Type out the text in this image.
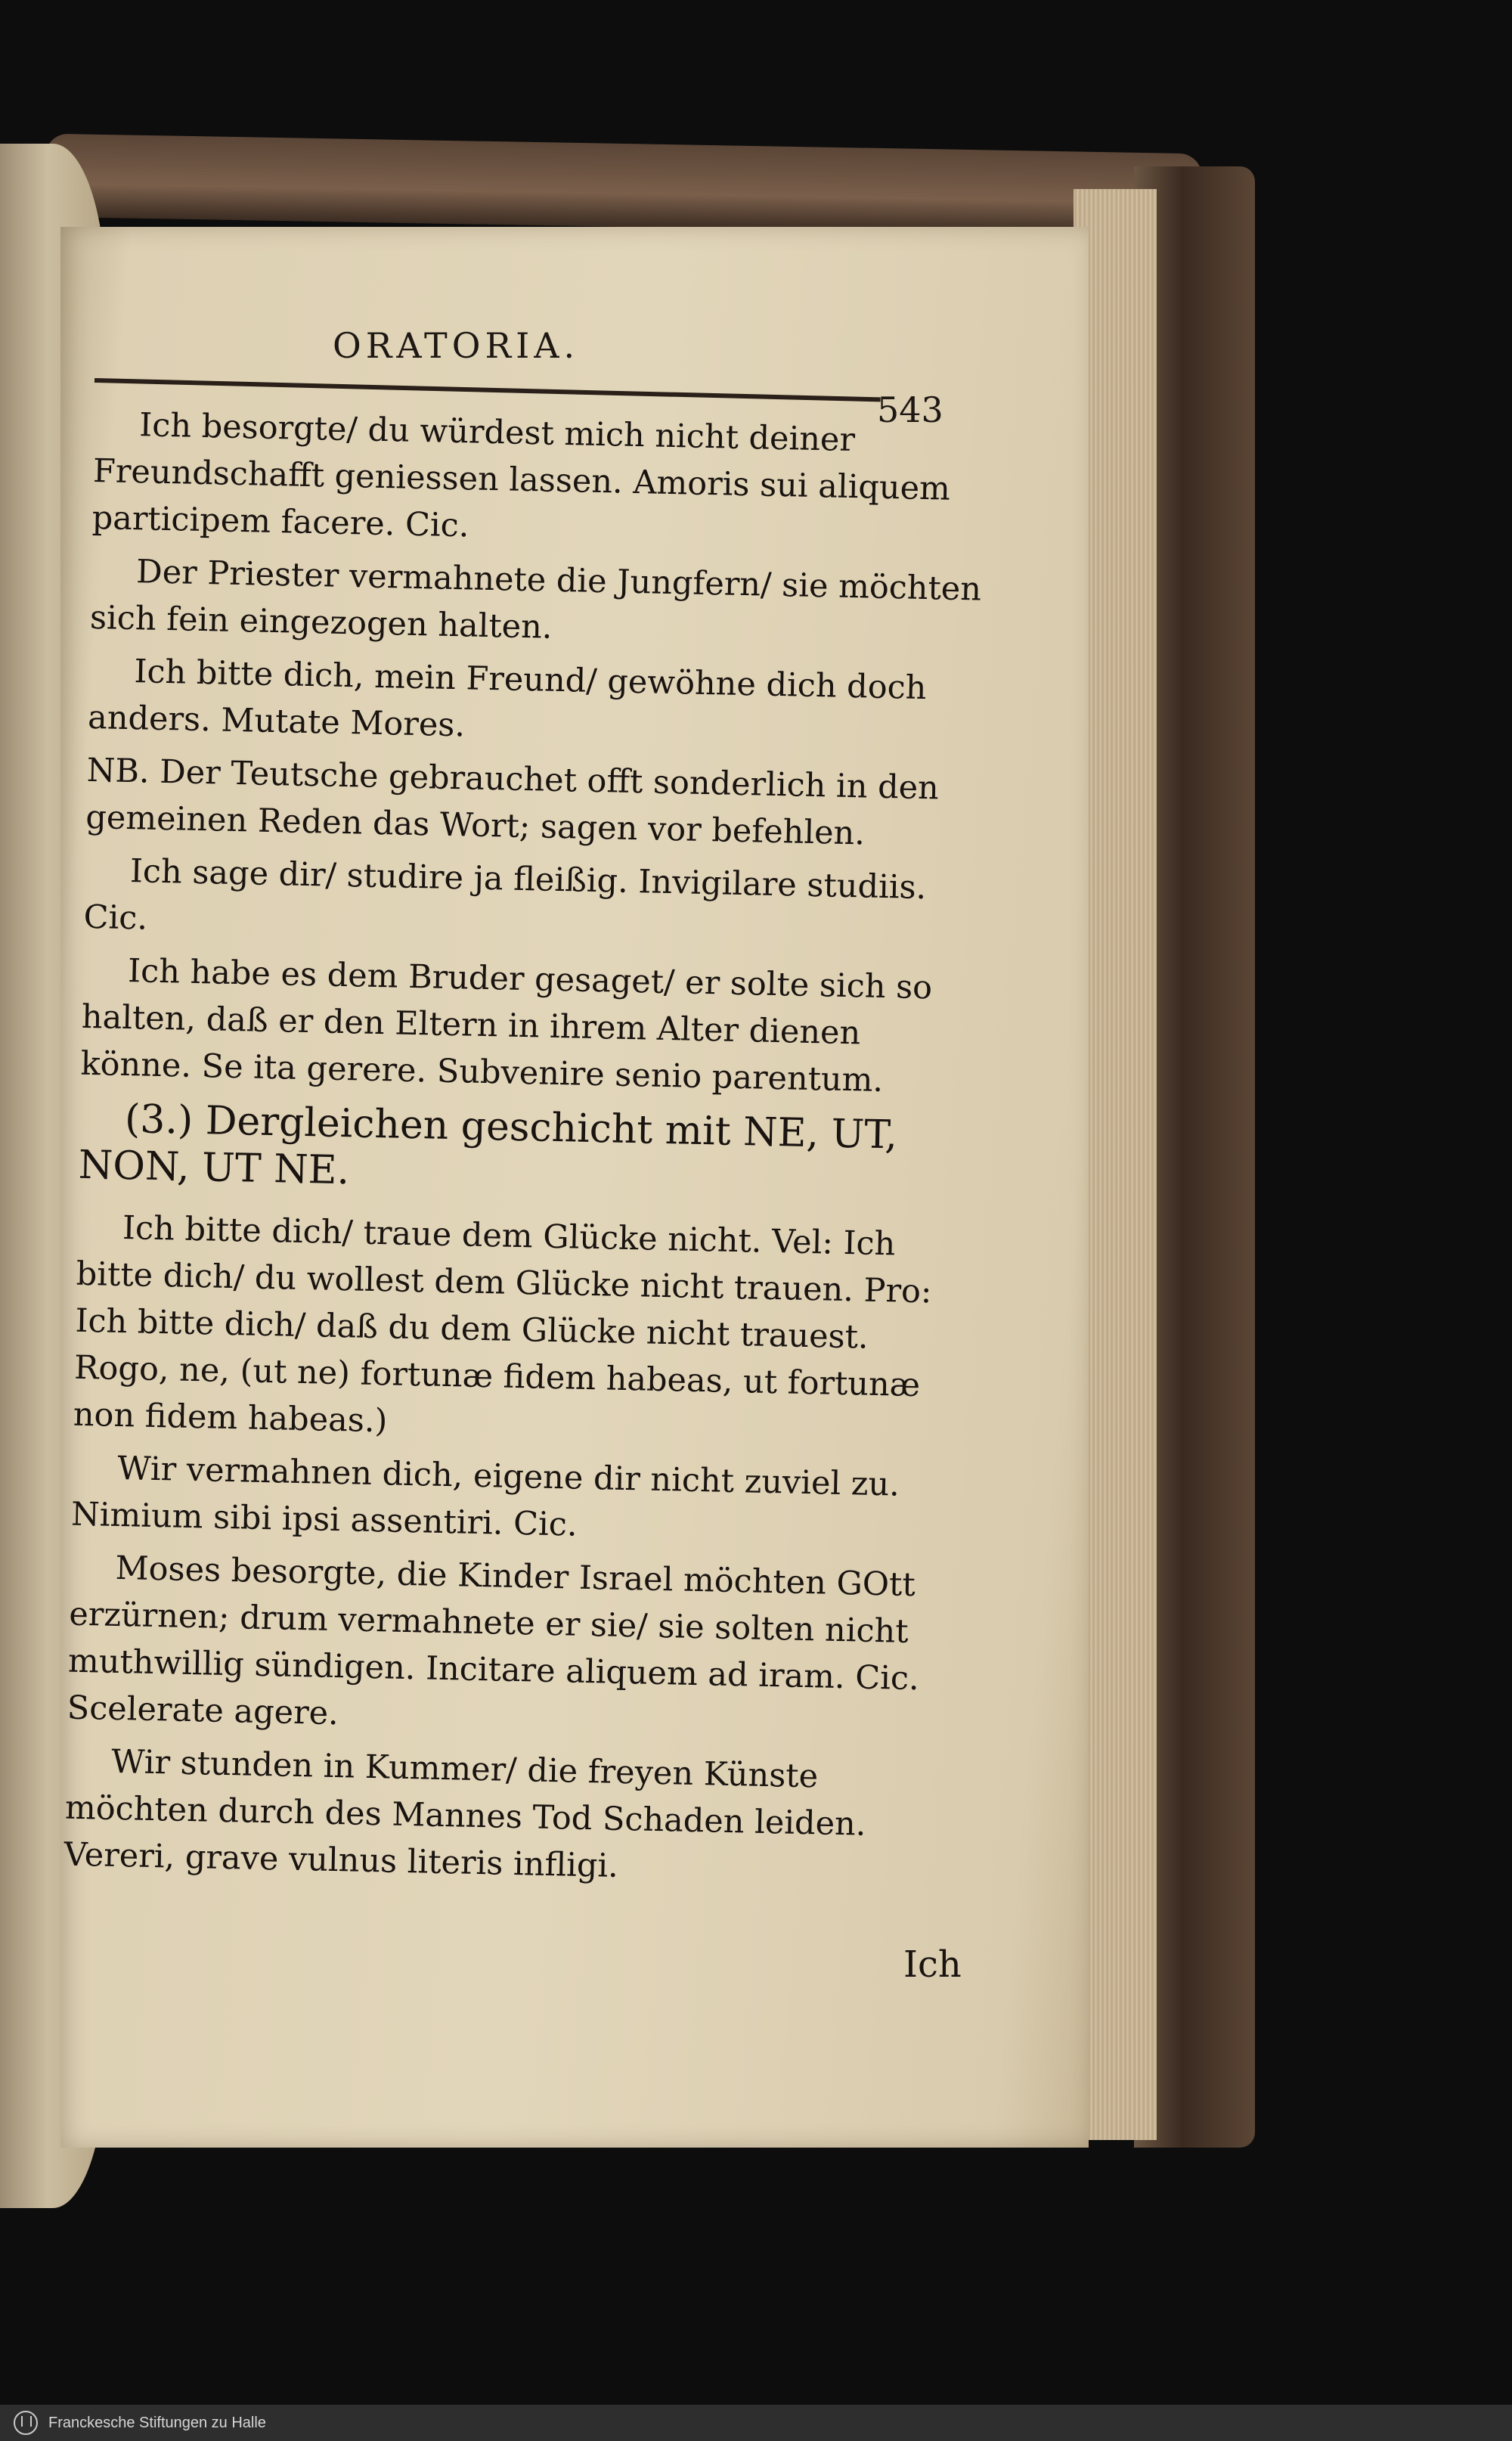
ORATORIA.
543

Ich besorgte/ du würdest mich nicht deiner Freundschafft geniessen lassen. Amoris sui aliquem participem facere. Cic.

Der Priester vermahnete die Jungfern/ sie möchten sich fein eingezogen halten.

Ich bitte dich, mein Freund/ gewöhne dich doch anders. Mutate Mores.

NB. Der Teutsche gebrauchet offt sonderlich in den gemeinen Reden das Wort; sagen vor befehlen.

Ich sage dir/ studire ja fleißig. Invigilare studiis. Cic.

Ich habe es dem Bruder gesaget/ er solte sich so halten, daß er den Eltern in ihrem Alter dienen könne. Se ita gerere. Subvenire senio parentum.

(3.) Dergleichen geschicht mit NE, UT, NON, UT NE.

Ich bitte dich/ traue dem Glücke nicht. Vel: Ich bitte dich/ du wollest dem Glücke nicht trauen. Pro: Ich bitte dich/ daß du dem Glücke nicht trauest. Rogo, ne, (ut ne) fortunæ fidem habeas, ut fortunæ non fidem habeas.)

Wir vermahnen dich, eigene dir nicht zuviel zu. Nimium sibi ipsi assentiri. Cic.

Moses besorgte, die Kinder Israel möchten GOtt erzürnen; drum vermahnete er sie/ sie solten nicht muthwillig sündigen. Incitare aliquem ad iram. Cic. Scelerate agere.

Wir stunden in Kummer/ die freyen Künste möchten durch des Mannes Tod Schaden leiden. Vereri, grave vulnus literis infligi.

Ich
Franckesche Stiftungen zu Halle
